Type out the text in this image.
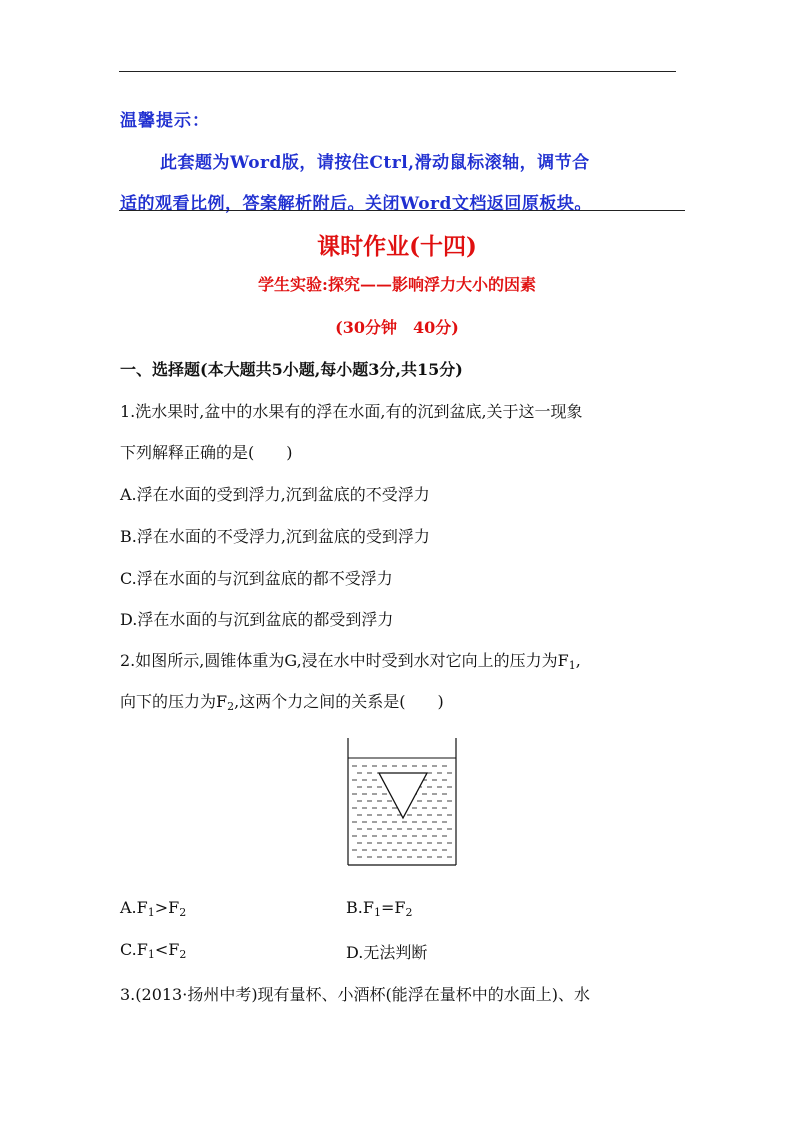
温馨提示：
此套题为Word版，请按住Ctrl,滑动鼠标滚轴，调节合
适的观看比例，答案解析附后。关闭Word文档返回原板块。
课时作业(十四)
学生实验:探究——影响浮力大小的因素
(30分钟　40分)
一、选择题(本大题共5小题,每小题3分,共15分)
1.洗水果时,盆中的水果有的浮在水面,有的沉到盆底,关于这一现象
下列解释正确的是(　　)
A.浮在水面的受到浮力,沉到盆底的不受浮力
B.浮在水面的不受浮力,沉到盆底的受到浮力
C.浮在水面的与沉到盆底的都不受浮力
D.浮在水面的与沉到盆底的都受到浮力
2.如图所示,圆锥体重为G,浸在水中时受到水对它向上的压力为$F_1$,
向下的压力为$F_2$,这两个力之间的关系是(　　)
$A.F_1>F_2$	$B.F_1=F_2$
$C.F_1<F_2$	D.无法判断
3.(2013·扬州中考)现有量杯、小酒杯(能浮在量杯中的水面上)、水
